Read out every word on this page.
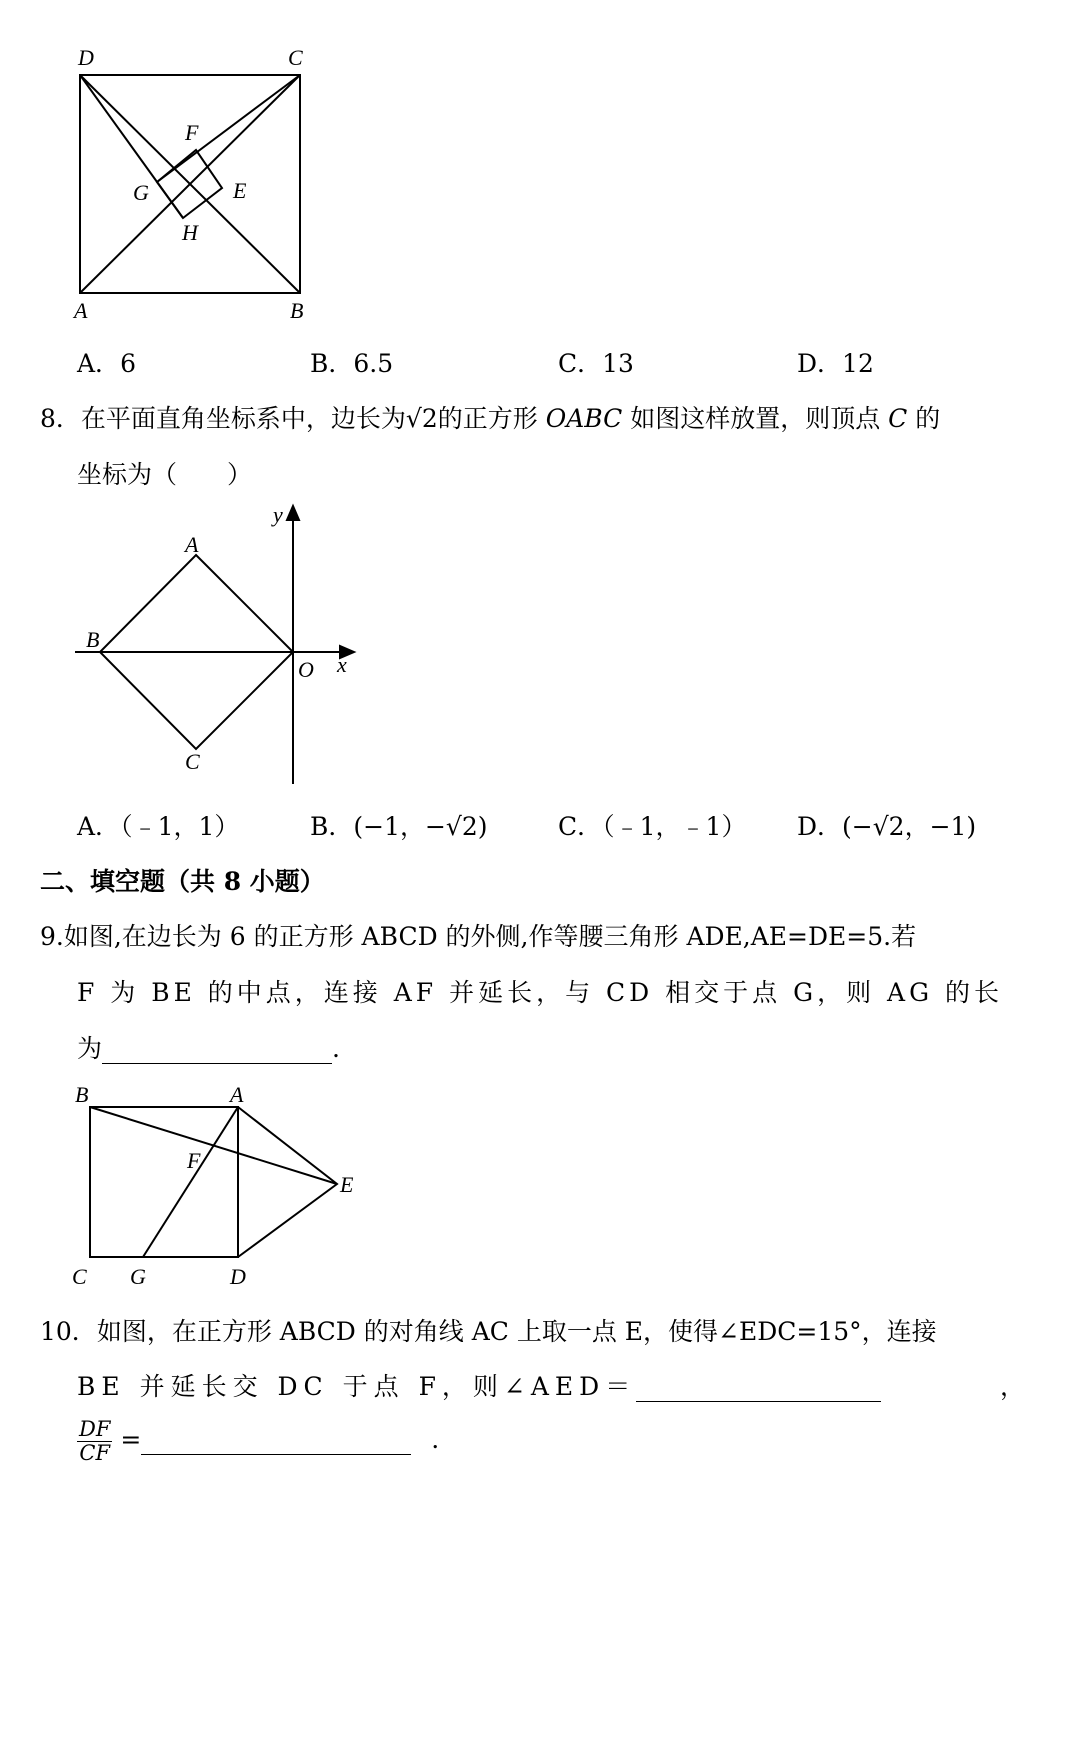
D	C
F
G	E
H
A	B
A．6	B．6.5	C．13	D．12
8．在平面直角坐标系中，边长为√2的正方形 OABC 如图这样放置，则顶点 C 的
坐标为（　　）
y
A
B
O x
C
A．（﹣1，1）	B．(−1，−√2)	C．（﹣1，﹣1） D．(−√2，−1)
二、填空题（共 8 小题）
9.如图,在边长为 6 的正方形 ABCD 的外侧,作等腰三角形 ADE,AE=DE=5.若
F 为 BE 的中点，连接 AF 并延长，与 CD 相交于点 G，则 AG 的长
为	.
B	A
F
E
C G	D
10．如图，在正方形 ABCD 的对角线 AC 上取一点 E，使得∠EDC=15°，连接
BE 并延长交 DC 于点 F，则∠AED＝	，
$\frac{DF}{CF}$ =	.
